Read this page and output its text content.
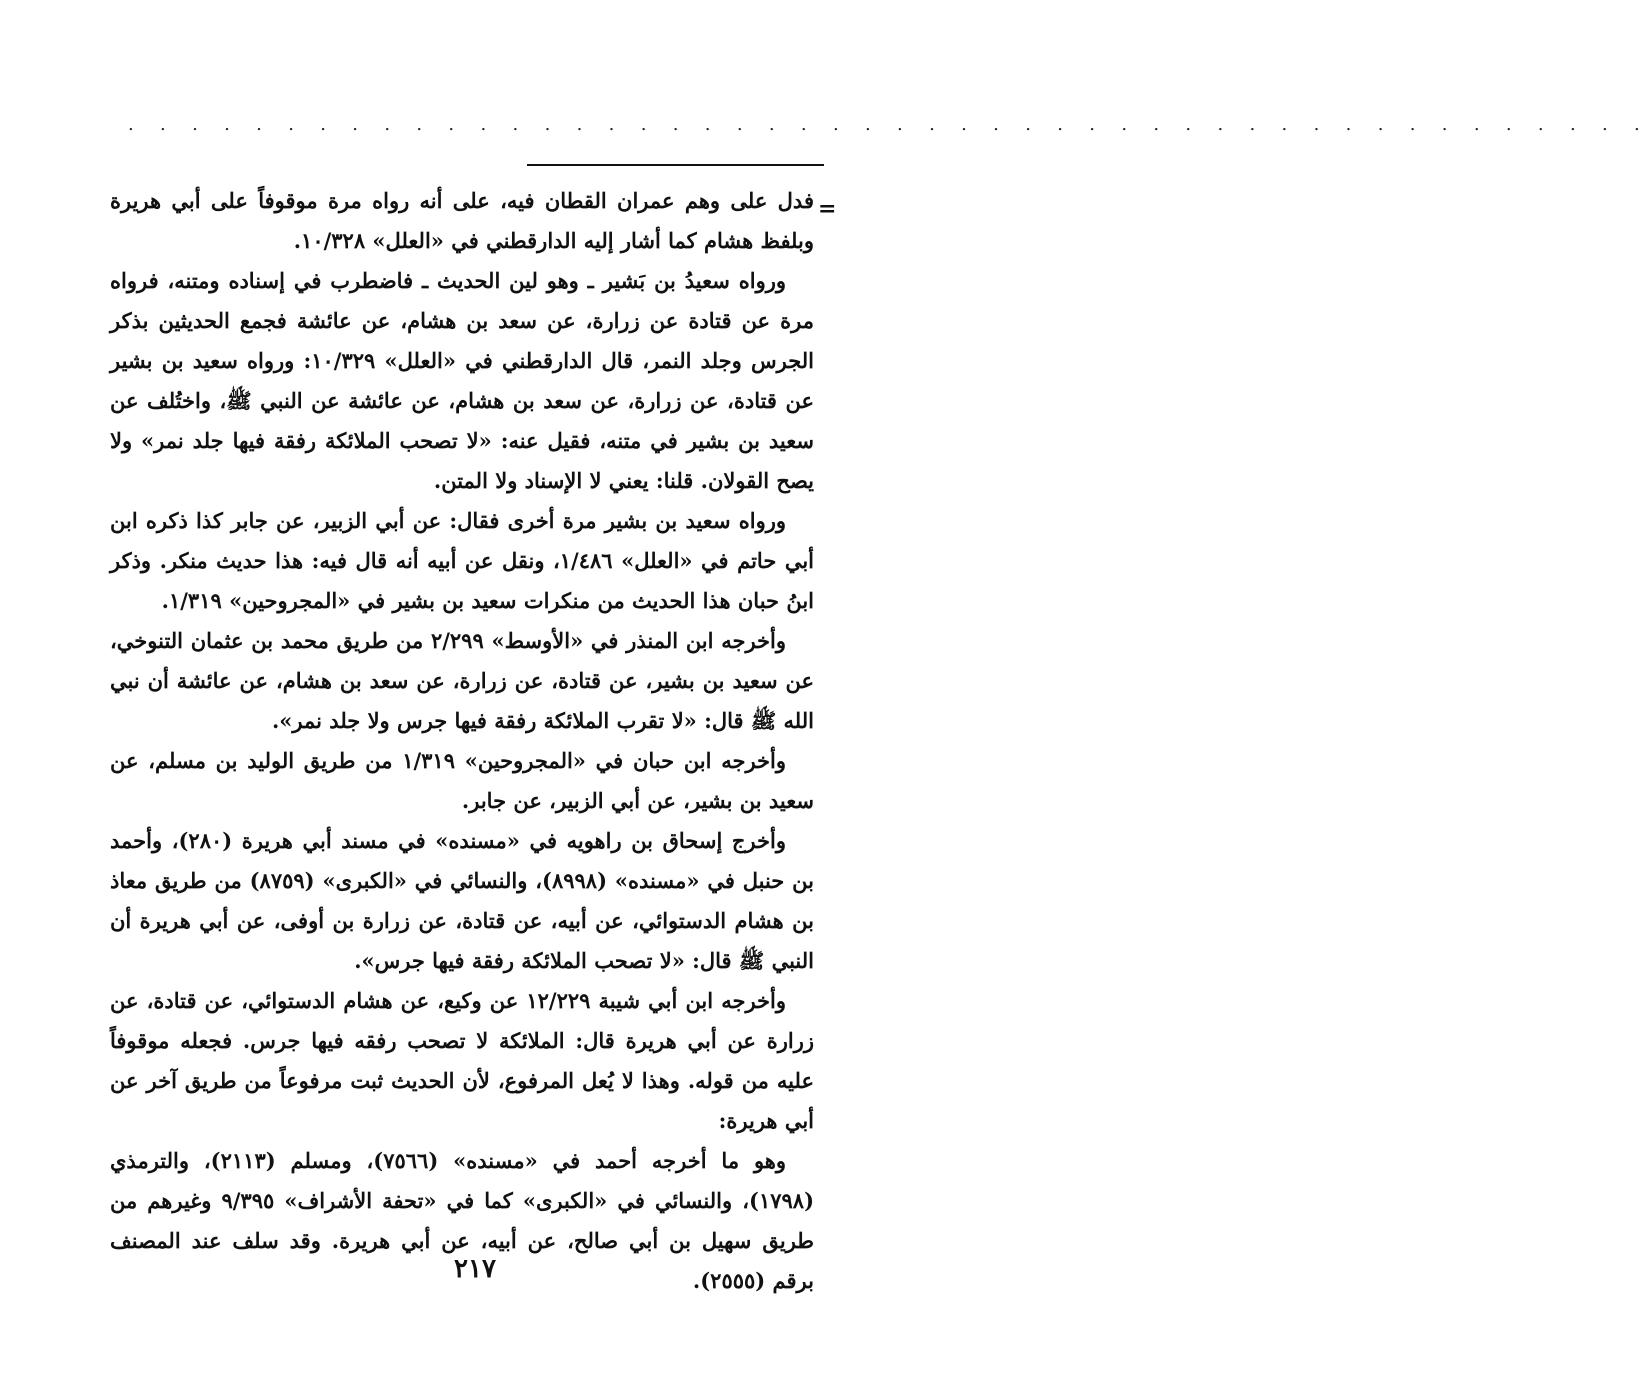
. . . . . . . . . . . . . . . . . . . . . . . . . . . . . . . . . . . . . . . . . . . . . . . .
=

فدل على وهم عمران القطان فيه، على أنه رواه مرة موقوفاً على أبي هريرة وبلفظ هشام كما أشار إليه الدارقطني في «العلل» ١٠/٣٢٨.

ورواه سعيدُ بن بَشير ـ وهو لين الحديث ـ فاضطرب في إسناده ومتنه، فرواه مرة عن قتادة عن زرارة، عن سعد بن هشام، عن عائشة فجمع الحديثين بذكر الجرس وجلد النمر، قال الدارقطني في «العلل» ١٠/٣٢٩: ورواه سعيد بن بشير عن قتادة، عن زرارة، عن سعد بن هشام، عن عائشة عن النبي ﷺ، واختُلف عن سعيد بن بشير في متنه، فقيل عنه: «لا تصحب الملائكة رفقة فيها جلد نمر» ولا يصح القولان. قلنا: يعني لا الإسناد ولا المتن.

ورواه سعيد بن بشير مرة أخرى فقال: عن أبي الزبير، عن جابر كذا ذكره ابن أبي حاتم في «العلل» ١/٤٨٦، ونقل عن أبيه أنه قال فيه: هذا حديث منكر. وذكر ابنُ حبان هذا الحديث من منكرات سعيد بن بشير في «المجروحين» ١/٣١٩.

وأخرجه ابن المنذر في «الأوسط» ٢/٢٩٩ من طريق محمد بن عثمان التنوخي، عن سعيد بن بشير، عن قتادة، عن زرارة، عن سعد بن هشام، عن عائشة أن نبي الله ﷺ قال: «لا تقرب الملائكة رفقة فيها جرس ولا جلد نمر».

وأخرجه ابن حبان في «المجروحين» ١/٣١٩ من طريق الوليد بن مسلم، عن سعيد بن بشير، عن أبي الزبير، عن جابر.

وأخرج إسحاق بن راهويه في «مسنده» في مسند أبي هريرة (٢٨٠)، وأحمد بن حنبل في «مسنده» (٨٩٩٨)، والنسائي في «الكبرى» (٨٧٥٩) من طريق معاذ بن هشام الدستوائي، عن أبيه، عن قتادة، عن زرارة بن أوفى، عن أبي هريرة أن النبي ﷺ قال: «لا تصحب الملائكة رفقة فيها جرس».

وأخرجه ابن أبي شيبة ١٢/٢٢٩ عن وكيع، عن هشام الدستوائي، عن قتادة، عن زرارة عن أبي هريرة قال: الملائكة لا تصحب رفقه فيها جرس. فجعله موقوفاً عليه من قوله. وهذا لا يُعل المرفوع، لأن الحديث ثبت مرفوعاً من طريق آخر عن أبي هريرة:

وهو ما أخرجه أحمد في «مسنده» (٧٥٦٦)، ومسلم (٢١١٣)، والترمذي (١٧٩٨)، والنسائي في «الكبرى» كما في «تحفة الأشراف» ٩/٣٩٥ وغيرهم من طريق سهيل بن أبي صالح، عن أبيه، عن أبي هريرة. وقد سلف عند المصنف برقم (٢٥٥٥).

٢١٧
